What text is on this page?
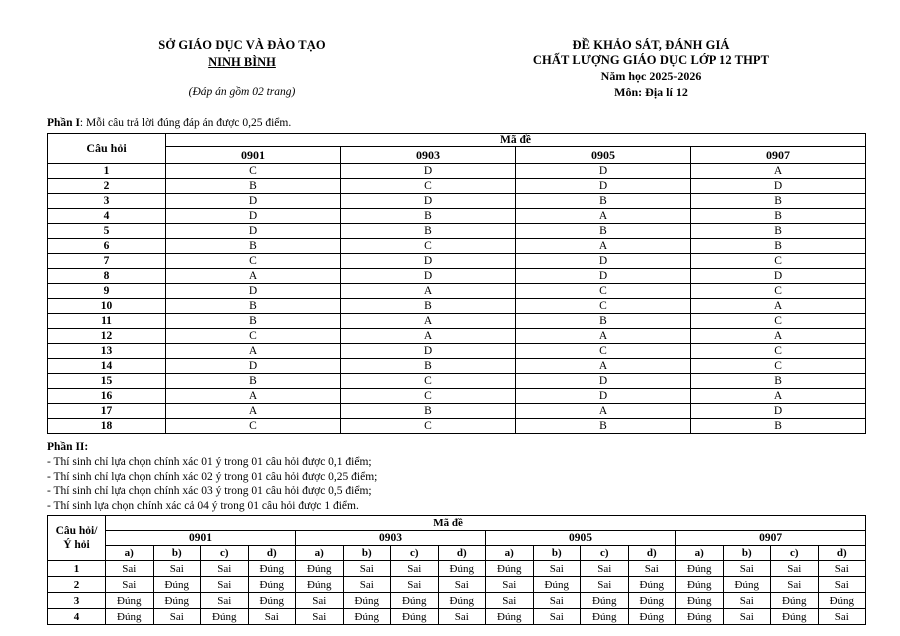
SỞ GIÁO DỤC VÀ ĐÀO TẠO
NINH BÌNH
(Đáp án gồm 02 trang)
ĐỀ KHẢO SÁT, ĐÁNH GIÁ
CHẤT LƯỢNG GIÁO DỤC LỚP 12 THPT
Năm học 2025-2026
Môn: Địa lí 12
Phần I: Mỗi câu trả lời đúng đáp án được 0,25 điểm.
Câu hỏi	Mã đề			
	0901	0903	0905	0907
1	C	D	D	A
2	B	C	D	D
3	D	D	B	B
4	D	B	A	B
5	D	B	B	B
6	B	C	A	B
7	C	D	D	C
8	A	D	D	D
9	D	A	C	C
10	B	B	C	A
11	B	A	B	C
12	C	A	A	A
13	A	D	C	C
14	D	B	A	C
15	B	C	D	B
16	A	C	D	A
17	A	B	A	D
18	C	C	B	B
Phần II:
- Thí sinh chỉ lựa chọn chính xác 01 ý trong 01 câu hỏi được 0,1 điểm;
- Thí sinh chỉ lựa chọn chính xác 02 ý trong 01 câu hỏi được 0,25 điểm;
- Thí sinh chỉ lựa chọn chính xác 03 ý trong 01 câu hỏi được 0,5 điểm;
- Thí sinh lựa chọn chính xác cả 04 ý trong 01 câu hỏi được 1 điểm.
Câu hỏi/
Ý hỏi	Mã đề															
	0901				0903				0905				0907			
	a)	b)	c)	d)	a)	b)	c)	d)	a)	b)	c)	d)	a)	b)	c)	d)
1	Sai	Sai	Sai	Đúng	Đúng	Sai	Sai	Đúng	Đúng	Sai	Sai	Sai	Đúng	Sai	Sai	Sai
2	Sai	Đúng	Sai	Đúng	Đúng	Sai	Sai	Sai	Sai	Đúng	Sai	Đúng	Đúng	Đúng	Sai	Sai
3	Đúng	Đúng	Sai	Đúng	Sai	Đúng	Đúng	Đúng	Sai	Sai	Đúng	Đúng	Đúng	Sai	Đúng	Đúng
4	Đúng	Sai	Đúng	Sai	Sai	Đúng	Đúng	Sai	Đúng	Sai	Đúng	Đúng	Đúng	Sai	Đúng	Sai
